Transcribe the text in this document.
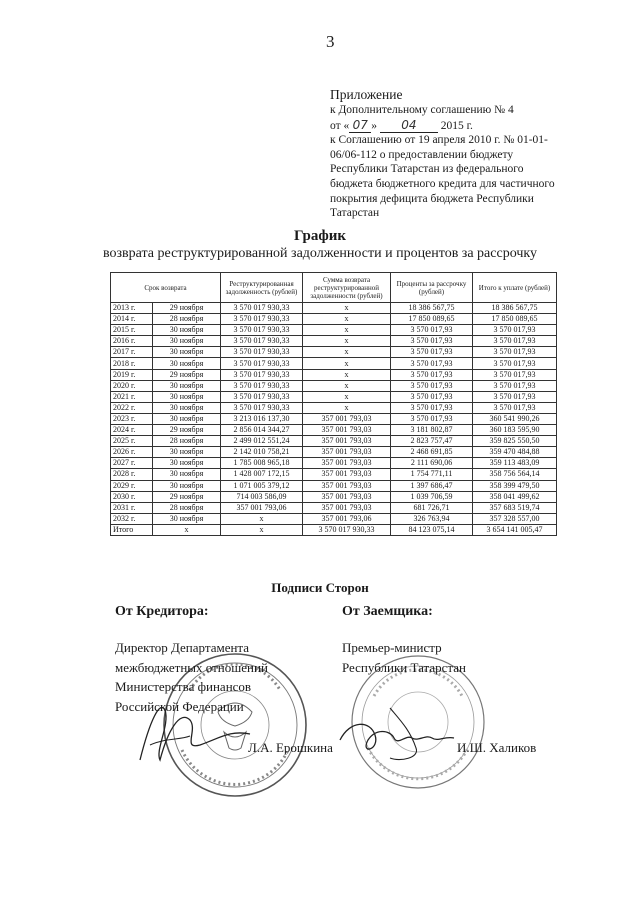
3
Приложение
к Дополнительному соглашению № 4
от « 07 » 04 2015 г.
к Соглашению от 19 апреля 2010 г. № 01-01-
06/06-112 о предоставлении бюджету
Республики Татарстан из федерального
бюджета бюджетного кредита для частичного
покрытия дефицита бюджета Республики
Татарстан
График
возврата реструктурированной задолженности и процентов за рассрочку
Срок возврата		Реструктурированная задолженность (рублей)	Сумма возврата реструктурированной задолженности (рублей)	Проценты за рассрочку (рублей)	Итого к уплате (рублей)
2013 г.	29 ноября	3 570 017 930,33	x	18 386 567,75	18 386 567,75
2014 г.	28 ноября	3 570 017 930,33	x	17 850 089,65	17 850 089,65
2015 г.	30 ноября	3 570 017 930,33	x	3 570 017,93	3 570 017,93
2016 г.	30 ноября	3 570 017 930,33	x	3 570 017,93	3 570 017,93
2017 г.	30 ноября	3 570 017 930,33	x	3 570 017,93	3 570 017,93
2018 г.	30 ноября	3 570 017 930,33	x	3 570 017,93	3 570 017,93
2019 г.	29 ноября	3 570 017 930,33	x	3 570 017,93	3 570 017,93
2020 г.	30 ноября	3 570 017 930,33	x	3 570 017,93	3 570 017,93
2021 г.	30 ноября	3 570 017 930,33	x	3 570 017,93	3 570 017,93
2022 г.	30 ноября	3 570 017 930,33	x	3 570 017,93	3 570 017,93
2023 г.	30 ноября	3 213 016 137,30	357 001 793,03	3 570 017,93	360 541 990,26
2024 г.	29 ноября	2 856 014 344,27	357 001 793,03	3 181 802,87	360 183 595,90
2025 г.	28 ноября	2 499 012 551,24	357 001 793,03	2 823 757,47	359 825 550,50
2026 г.	30 ноября	2 142 010 758,21	357 001 793,03	2 468 691,85	359 470 484,88
2027 г.	30 ноября	1 785 008 965,18	357 001 793,03	2 111 690,06	359 113 483,09
2028 г.	30 ноября	1 428 007 172,15	357 001 793,03	1 754 771,11	358 756 564,14
2029 г.	30 ноября	1 071 005 379,12	357 001 793,03	1 397 686,47	358 399 479,50
2030 г.	29 ноября	714 003 586,09	357 001 793,03	1 039 706,59	358 041 499,62
2031 г.	28 ноября	357 001 793,06	357 001 793,03	681 726,71	357 683 519,74
2032 г.	30 ноября	x	357 001 793,06	326 763,94	357 328 557,00
Итого	x	x	3 570 017 930,33	84 123 075,14	3 654 141 005,47
Подписи Сторон
От Кредитора:	От Заемщика:
Директор Департамента
межбюджетных отношений
Министерства финансов
Российской Федерации
Премьер-министр
Республики Татарстан
Л.А. Ерошкина	И.Ш. Халиков
